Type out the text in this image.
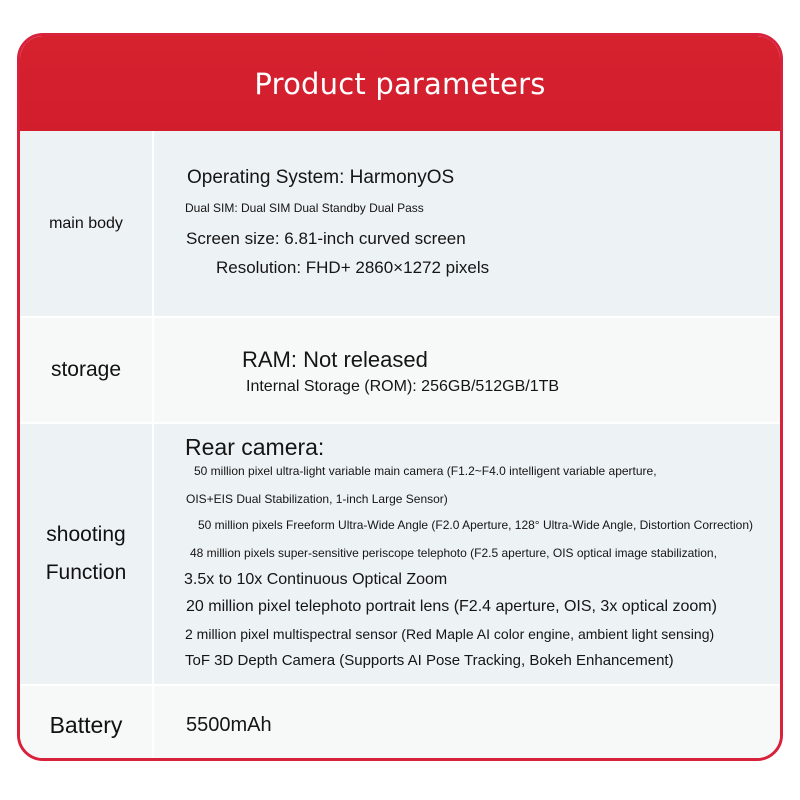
Product parameters
main body
Operating System: HarmonyOS
Dual SIM: Dual SIM Dual Standby Dual Pass
Screen size: 6.81-inch curved screen
Resolution: FHD+ 2860×1272 pixels
storage	RAM: Not released
Internal Storage (ROM): 256GB/512GB/1TB
shooting
Function
Rear camera:
50 million pixel ultra-light variable main camera (F1.2~F4.0 intelligent variable aperture,
OIS+EIS Dual Stabilization, 1-inch Large Sensor)
50 million pixels Freeform Ultra-Wide Angle (F2.0 Aperture, 128° Ultra-Wide Angle, Distortion Correction)
48 million pixels super-sensitive periscope telephoto (F2.5 aperture, OIS optical image stabilization,
3.5x to 10x Continuous Optical Zoom
20 million pixel telephoto portrait lens (F2.4 aperture, OIS, 3x optical zoom)
2 million pixel multispectral sensor (Red Maple AI color engine, ambient light sensing)
ToF 3D Depth Camera (Supports AI Pose Tracking, Bokeh Enhancement)
Battery	5500mAh
